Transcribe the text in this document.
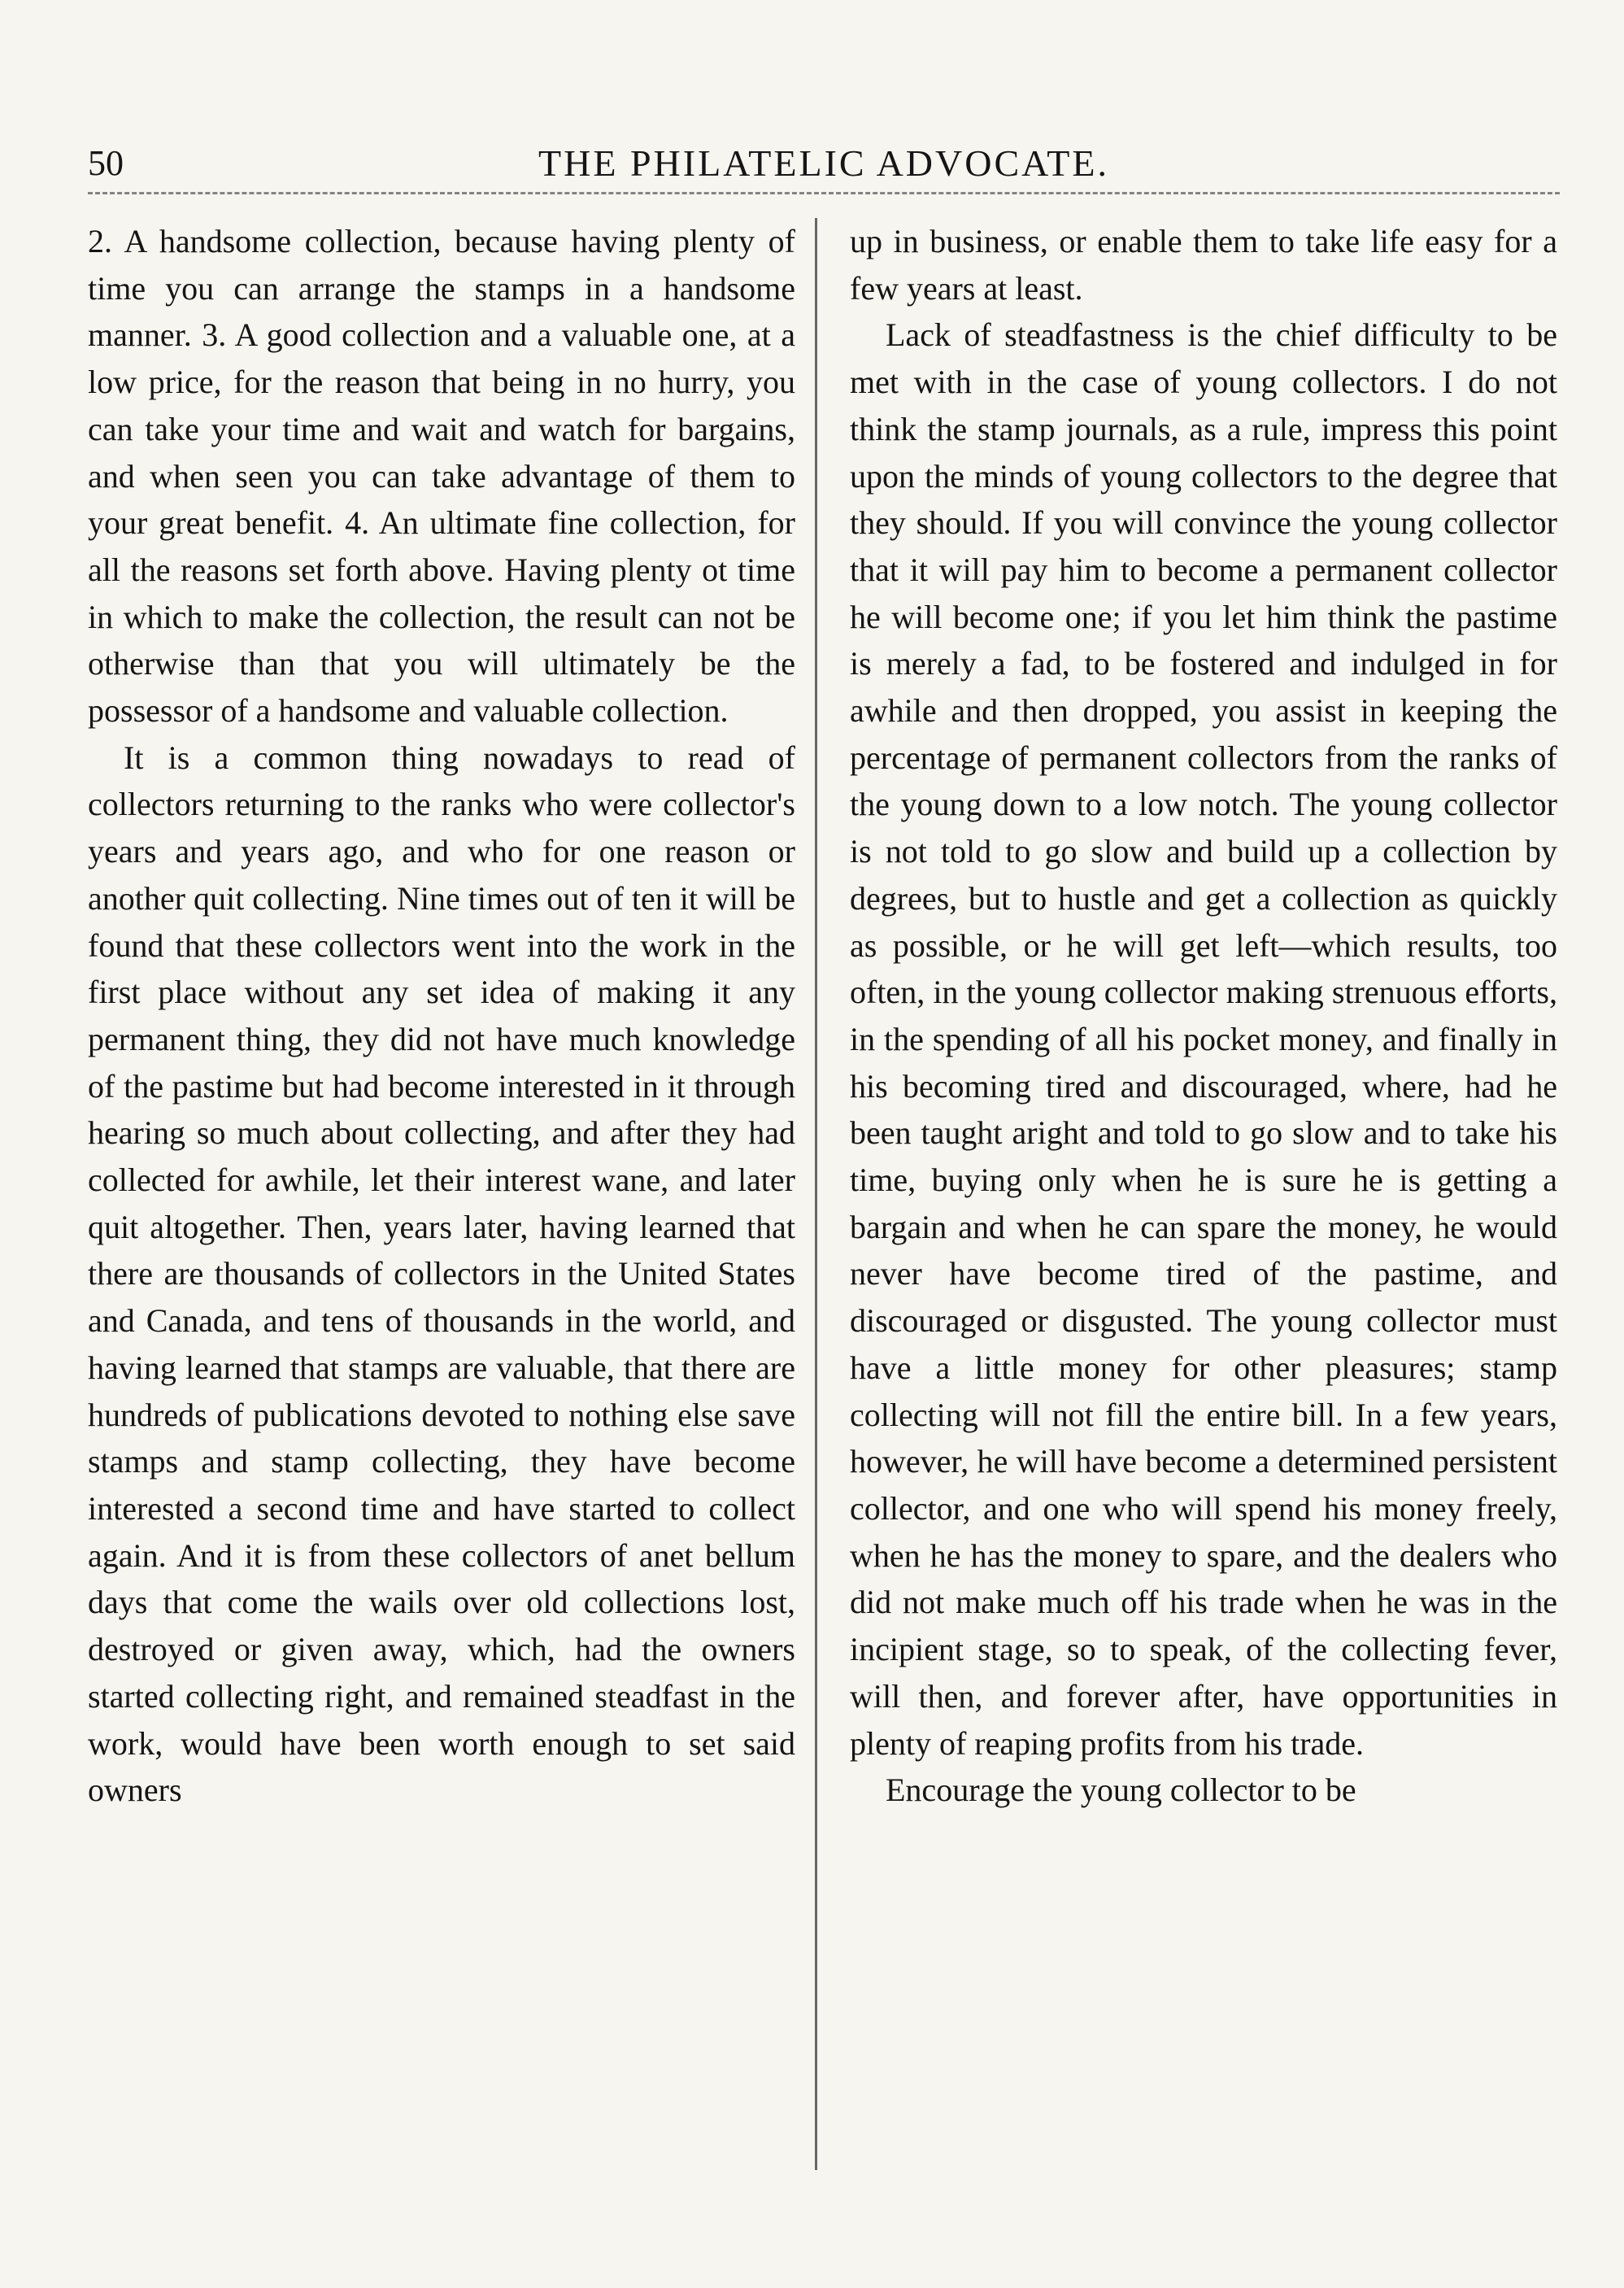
50	THE PHILATELIC ADVOCATE.

2. A handsome collection, because having plenty of time you can arrange the stamps in a handsome manner. 3. A good collection and a valuable one, at a low price, for the reason that being in no hurry, you can take your time and wait and watch for bargains, and when seen you can take advantage of them to your great benefit. 4. An ultimate fine collection, for all the reasons set forth above. Having plenty ot time in which to make the collection, the result can not be otherwise than that you will ultimately be the possessor of a handsome and valuable collection.

It is a common thing nowadays to read of collectors returning to the ranks who were collector's years and years ago, and who for one reason or another quit collecting. Nine times out of ten it will be found that these collectors went into the work in the first place without any set idea of making it any permanent thing, they did not have much knowledge of the pastime but had become interested in it through hearing so much about collecting, and after they had collected for awhile, let their interest wane, and later quit altogether. Then, years later, having learned that there are thousands of collectors in the United States and Canada, and tens of thousands in the world, and having learned that stamps are valuable, that there are hundreds of publications devoted to nothing else save stamps and stamp collecting, they have become interested a second time and have started to collect again. And it is from these collectors of anet bellum days that come the wails over old collections lost, destroyed or given away, which, had the owners started collecting right, and remained steadfast in the work, would have been worth enough to set said owners

up in business, or enable them to take life easy for a few years at least.

Lack of steadfastness is the chief difficulty to be met with in the case of young collectors. I do not think the stamp journals, as a rule, impress this point upon the minds of young collectors to the degree that they should. If you will convince the young collector that it will pay him to become a permanent collector he will become one; if you let him think the pastime is merely a fad, to be fostered and indulged in for awhile and then dropped, you assist in keeping the percentage of permanent collectors from the ranks of the young down to a low notch. The young collector is not told to go slow and build up a collection by degrees, but to hustle and get a collection as quickly as possible, or he will get left—which results, too often, in the young collector making strenuous efforts, in the spending of all his pocket money, and finally in his becoming tired and discouraged, where, had he been taught aright and told to go slow and to take his time, buying only when he is sure he is getting a bargain and when he can spare the money, he would never have become tired of the pastime, and discouraged or disgusted. The young collector must have a little money for other pleasures; stamp collecting will not fill the entire bill. In a few years, however, he will have become a determined persistent collector, and one who will spend his money freely, when he has the money to spare, and the dealers who did not make much off his trade when he was in the incipient stage, so to speak, of the collecting fever, will then, and forever after, have opportunities in plenty of reaping profits from his trade.

Encourage the young collector to be
